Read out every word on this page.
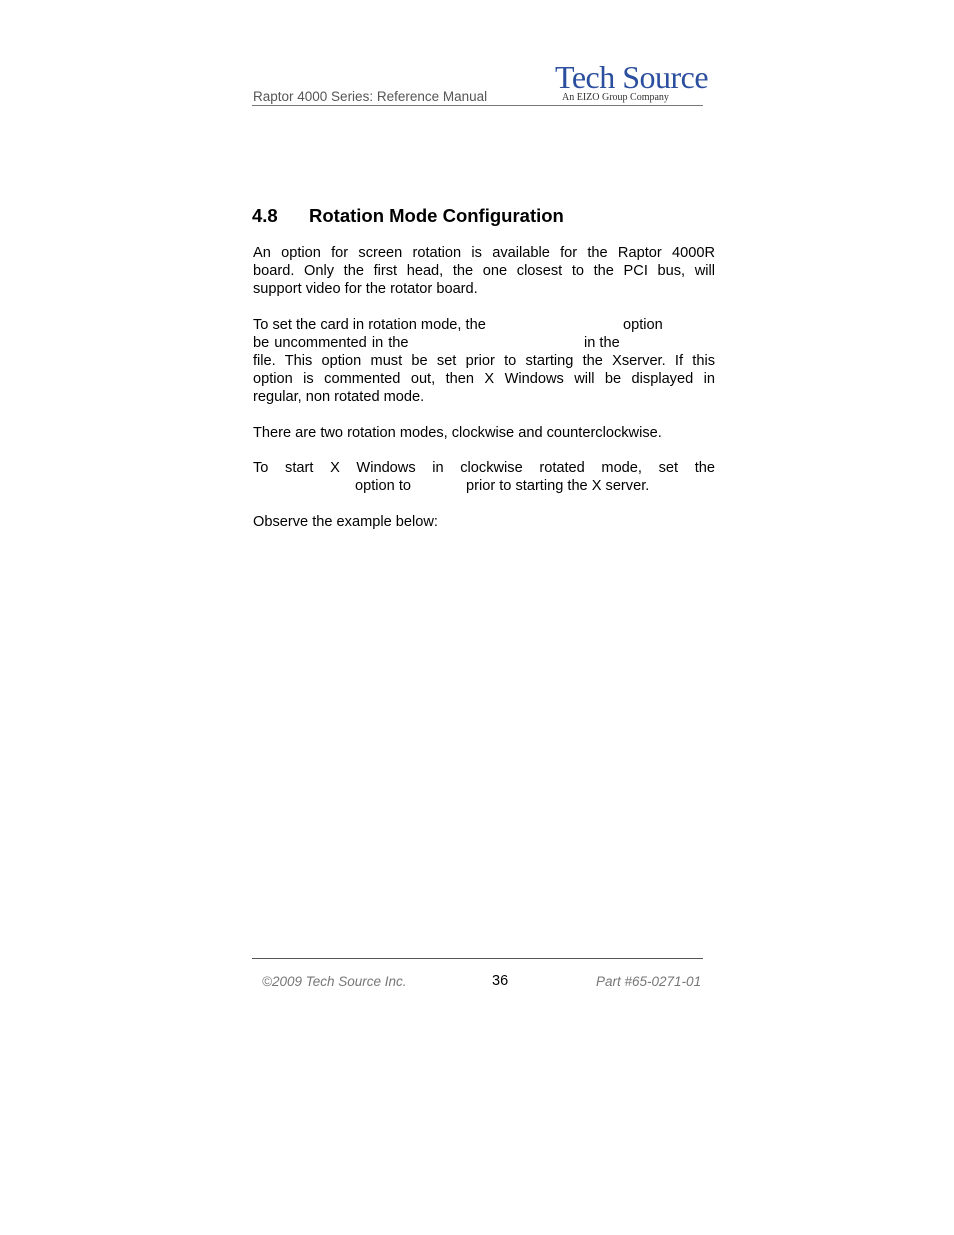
Raptor 4000 Series: Reference Manual
Tech Source
An EIZO Group Company
4.8 Rotation Mode Configuration
An option for screen rotation is available for the Raptor 4000R
board. Only the first head, the one closest to the PCI bus, will
support video for the rotator board.
To set the card in rotation mode, the	option
be uncommented in the	in the
file. This option must be set prior to starting the Xserver. If this
option is commented out, then X Windows will be displayed in
regular, non rotated mode.
There are two rotation modes, clockwise and counterclockwise.
To start X Windows in clockwise rotated mode, set the
option to	prior to starting the X server.
Observe the example below:
©2009 Tech Source Inc.	36	Part #65-0271-01
